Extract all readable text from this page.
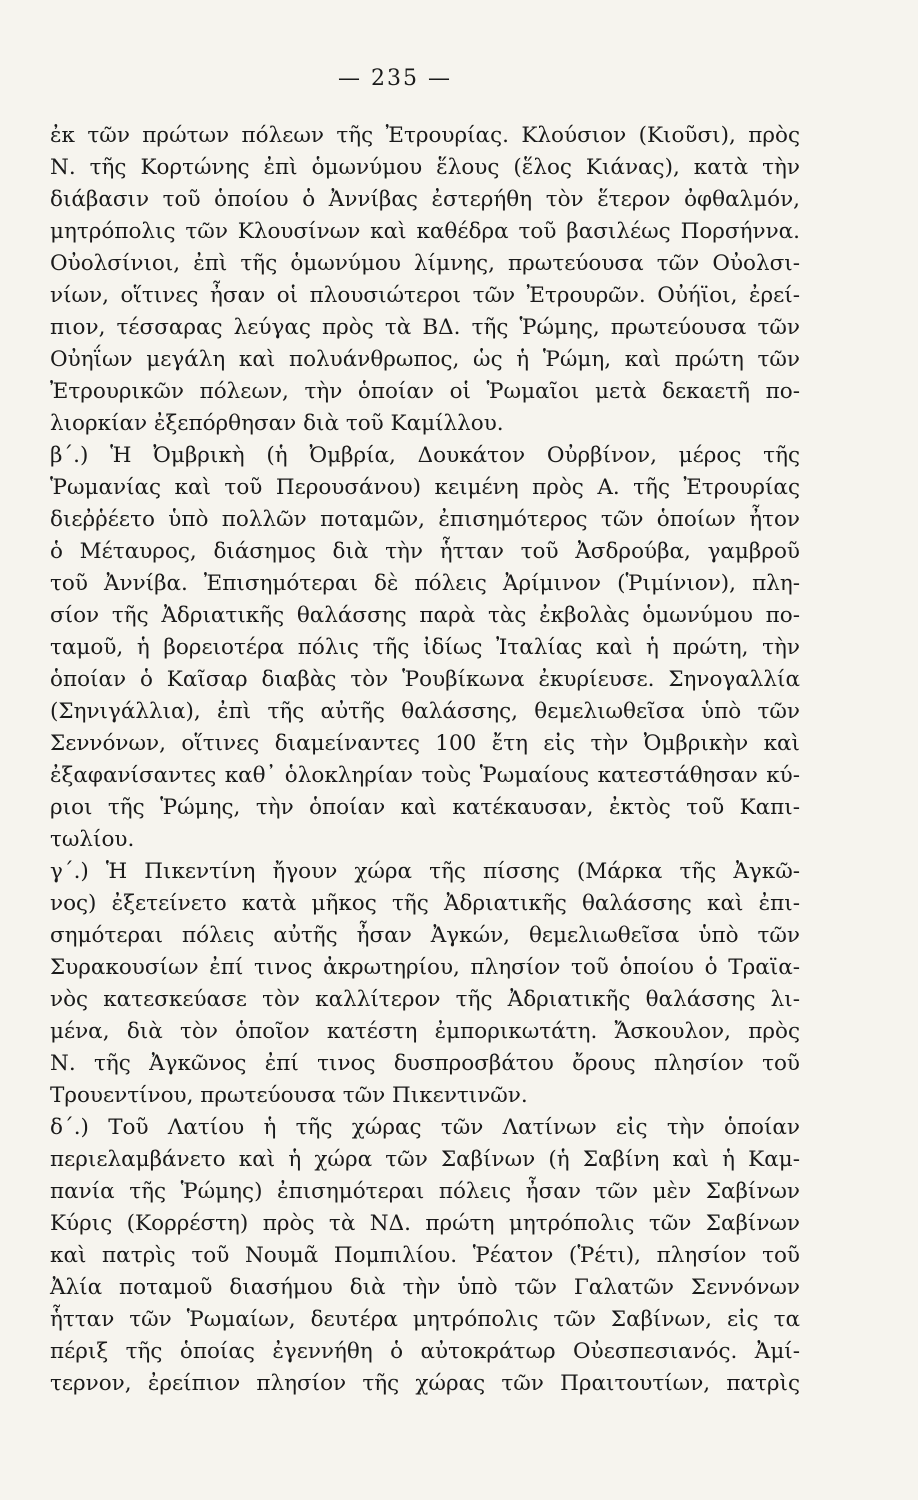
— 235 —
ἐκ τῶν πρώτων πόλεων τῆς Ἐτρουρίας. Κλούσιον (Κιοῦσι), πρὸς
Ν. τῆς Κορτώνης ἐπὶ ὁμωνύμου ἕλους (ἕλος Κιάνας), κατὰ τὴν
διάβασιν τοῦ ὁποίου ὁ Ἀννίβας ἐστερήθη τὸν ἕτερον ὀφθαλμόν,
μητρόπολις τῶν Κλουσίνων καὶ καθέδρα τοῦ βασιλέως Πορσήννα.
Οὐολσίνιοι, ἐπὶ τῆς ὁμωνύμου λίμνης, πρωτεύουσα τῶν Οὐολσι-
νίων, οἵτινες ἦσαν οἱ πλουσιώτεροι τῶν Ἐτρουρῶν. Οὐήϊοι, ἐρεί-
πιον, τέσσαρας λεύγας πρὸς τὰ ΒΔ. τῆς Ῥώμης, πρωτεύουσα τῶν
Οὐηΐων μεγάλη καὶ πολυάνθρωπος, ὡς ἡ Ῥώμη, καὶ πρώτη τῶν
Ἐτρουρικῶν πόλεων, τὴν ὁποίαν οἱ Ῥωμαῖοι μετὰ δεκαετῆ πο-
λιορκίαν ἐξεπόρθησαν διὰ τοῦ Καμίλλου.
β΄.) Ἡ Ὀμβρικὴ (ἡ Ὀμβρία, Δουκάτον Οὐρβίνον, μέρος τῆς
Ῥωμανίας καὶ τοῦ Περουσάνου) κειμένη πρὸς Α. τῆς Ἐτρουρίας
διεῤῥέετο ὑπὸ πολλῶν ποταμῶν, ἐπισημότερος τῶν ὁποίων ἦτον
ὁ Μέταυρος, διάσημος διὰ τὴν ἧτταν τοῦ Ἀσδρούβα, γαμβροῦ
τοῦ Ἀννίβα. Ἐπισημότεραι δὲ πόλεις Ἀρίμινον (Ῥιμίνιον), πλη-
σίον τῆς Ἀδριατικῆς θαλάσσης παρὰ τὰς ἐκβολὰς ὁμωνύμου πο-
ταμοῦ, ἡ βορειοτέρα πόλις τῆς ἰδίως Ἰταλίας καὶ ἡ πρώτη, τὴν
ὁποίαν ὁ Καῖσαρ διαβὰς τὸν Ῥουβίκωνα ἐκυρίευσε. Σηνογαλλία
(Σηνιγάλλια), ἐπὶ τῆς αὐτῆς θαλάσσης, θεμελιωθεῖσα ὑπὸ τῶν
Σεννόνων, οἵτινες διαμείναντες 100 ἔτη εἰς τὴν Ὀμβρικὴν καὶ
ἐξαφανίσαντες καθ᾽ ὁλοκληρίαν τοὺς Ῥωμαίους κατεστάθησαν κύ-
ριοι τῆς Ῥώμης, τὴν ὁποίαν καὶ κατέκαυσαν, ἐκτὸς τοῦ Καπι-
τωλίου.
γ΄.) Ἡ Πικεντίνη ἤγουν χώρα τῆς πίσσης (Μάρκα τῆς Ἀγκῶ-
νος) ἐξετείνετο κατὰ μῆκος τῆς Ἀδριατικῆς θαλάσσης καὶ ἐπι-
σημότεραι πόλεις αὐτῆς ἦσαν Ἀγκών, θεμελιωθεῖσα ὑπὸ τῶν
Συρακουσίων ἐπί τινος ἀκρωτηρίου, πλησίον τοῦ ὁποίου ὁ Τραϊα-
νὸς κατεσκεύασε τὸν καλλίτερον τῆς Ἀδριατικῆς θαλάσσης λι-
μένα, διὰ τὸν ὁποῖον κατέστη ἐμπορικωτάτη. Ἄσκουλον, πρὸς
Ν. τῆς Ἀγκῶνος ἐπί τινος δυσπροσβάτου ὄρους πλησίον τοῦ
Τρουεντίνου, πρωτεύουσα τῶν Πικεντινῶν.
δ΄.) Τοῦ Λατίου ἡ τῆς χώρας τῶν Λατίνων εἰς τὴν ὁποίαν
περιελαμβάνετο καὶ ἡ χώρα τῶν Σαβίνων (ἡ Σαβίνη καὶ ἡ Καμ-
πανία τῆς Ῥώμης) ἐπισημότεραι πόλεις ἦσαν τῶν μὲν Σαβίνων
Κύρις (Κορρέστη) πρὸς τὰ ΝΔ. πρώτη μητρόπολις τῶν Σαβίνων
καὶ πατρὶς τοῦ Νουμᾶ Πομπιλίου. Ῥέατον (Ῥέτι), πλησίον τοῦ
Ἀλία ποταμοῦ διασήμου διὰ τὴν ὑπὸ τῶν Γαλατῶν Σεννόνων
ἧτταν τῶν Ῥωμαίων, δευτέρα μητρόπολις τῶν Σαβίνων, εἰς τα
πέριξ τῆς ὁποίας ἐγεννήθη ὁ αὐτοκράτωρ Οὐεσπεσιανός. Ἀμί-
τερνον, ἐρείπιον πλησίον τῆς χώρας τῶν Πραιτουτίων, πατρὶς
